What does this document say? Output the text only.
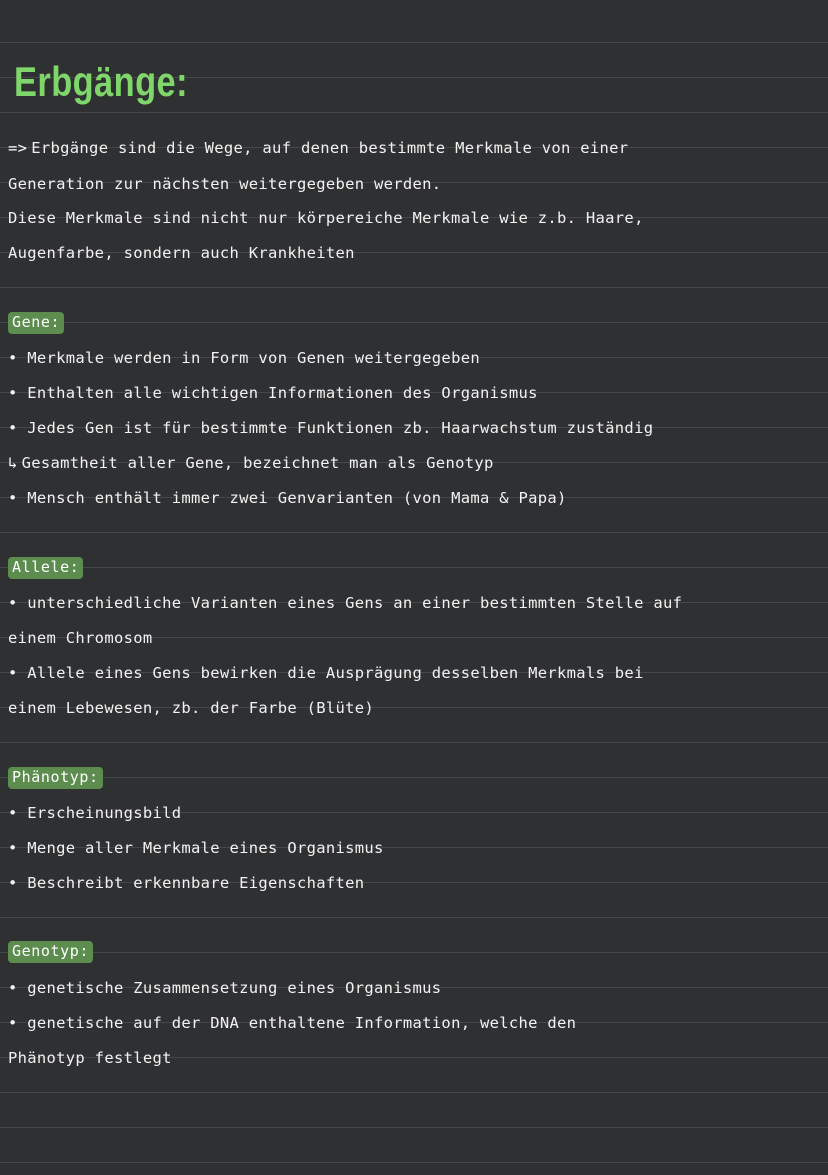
Erbgänge:
=> Erbgänge sind die Wege, auf denen bestimmte Merkmale von einer
Generation zur nächsten weitergegeben werden.
Diese Merkmale sind nicht nur körpereiche Merkmale wie z.b. Haare,
Augenfarbe, sondern auch Krankheiten
Gene:
• Merkmale werden in Form von Genen weitergegeben
• Enthalten alle wichtigen Informationen des Organismus
• Jedes Gen ist für bestimmte Funktionen zb. Haarwachstum zuständig
↳ Gesamtheit aller Gene, bezeichnet man als Genotyp
• Mensch enthält immer zwei Genvarianten (von Mama & Papa)
Allele:
• unterschiedliche Varianten eines Gens an einer bestimmten Stelle auf
einem Chromosom
• Allele eines Gens bewirken die Ausprägung desselben Merkmals bei
einem Lebewesen, zb. der Farbe (Blüte)
Phänotyp:
• Erscheinungsbild
• Menge aller Merkmale eines Organismus
• Beschreibt erkennbare Eigenschaften
Genotyp:
• genetische Zusammensetzung eines Organismus
• genetische auf der DNA enthaltene Information, welche den
Phänotyp festlegt
